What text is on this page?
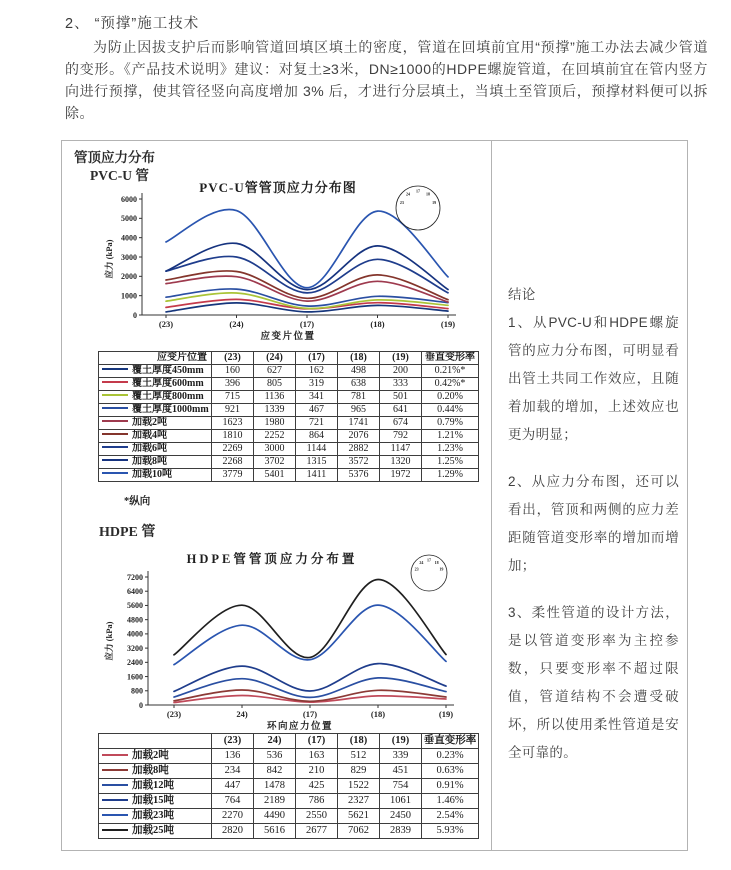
2、 “预撑”施工技术
为防止因拔支护后而影响管道回填区填土的密度，管道在回填前宜用“预撑”施工办法去减少管道的变形。《产品技术说明》建议：对复土≥3米，DN≥1000的HDPE螺旋管道，在回填前宜在管内竖方向进行预撑，使其管径竖向高度增加 3% 后，才进行分层填土，当填土至管顶后，预撑材料便可以拆除。
管顶应力分布
PVC-U 管
PVC-U管管顶应力分布图
0
1000
2000
3000
4000
5000
6000
应力 (kPa)
(23)	(24)	(17)	(18)	(19)
应变片位置
23
24
17
18
19
应变片位置	(23)	(24)	(17)	(18)	(19)	垂直变形率
覆土厚度450mm	160	627	162	498	200	0.21%*
覆土厚度600mm	396	805	319	638	333	0.42%*
覆土厚度800mm	715	1136	341	781	501	0.20%
覆土厚度1000mm	921	1339	467	965	641	0.44%
加载2吨	1623	1980	721	1741	674	0.79%
加载4吨	1810	2252	864	2076	792	1.21%
加载6吨	2269	3000	1144	2882	1147	1.23%
加载8吨	2268	3702	1315	3572	1320	1.25%
加载10吨	3779	5401	1411	5376	1972	1.29%
*纵向
HDPE 管
HDPE管管顶应力分布置
0
800
1600
2400
3200
4000
4800
5600
6400
7200
应力 (kPa)
(23)	24)	(17)	(18)	(19)
环向应力位置
23
24 17 18
19
	(23)	24)	(17)	(18)	(19)	垂直变形率
加载2吨	136	536	163	512	339	0.23%
加载8吨	234	842	210	829	451	0.63%
加载12吨	447	1478	425	1522	754	0.91%
加载15吨	764	2189	786	2327	1061	1.46%
加载23吨	2270	4490	2550	5621	2450	2.54%
加载25吨	2820	5616	2677	7062	2839	5.93%

结论

1、从PVC-U和HDPE螺旋管的应力分布图，可明显看出管土共同工作效应，且随着加载的增加，上述效应也更为明显；

2、从应力分布图，还可以看出，管顶和两侧的应力差距随管道变形率的增加而增加；

3、柔性管道的设计方法，是以管道变形率为主控参数，只要变形率不超过限值，管道结构不会遭受破坏，所以使用柔性管道是安全可靠的。
